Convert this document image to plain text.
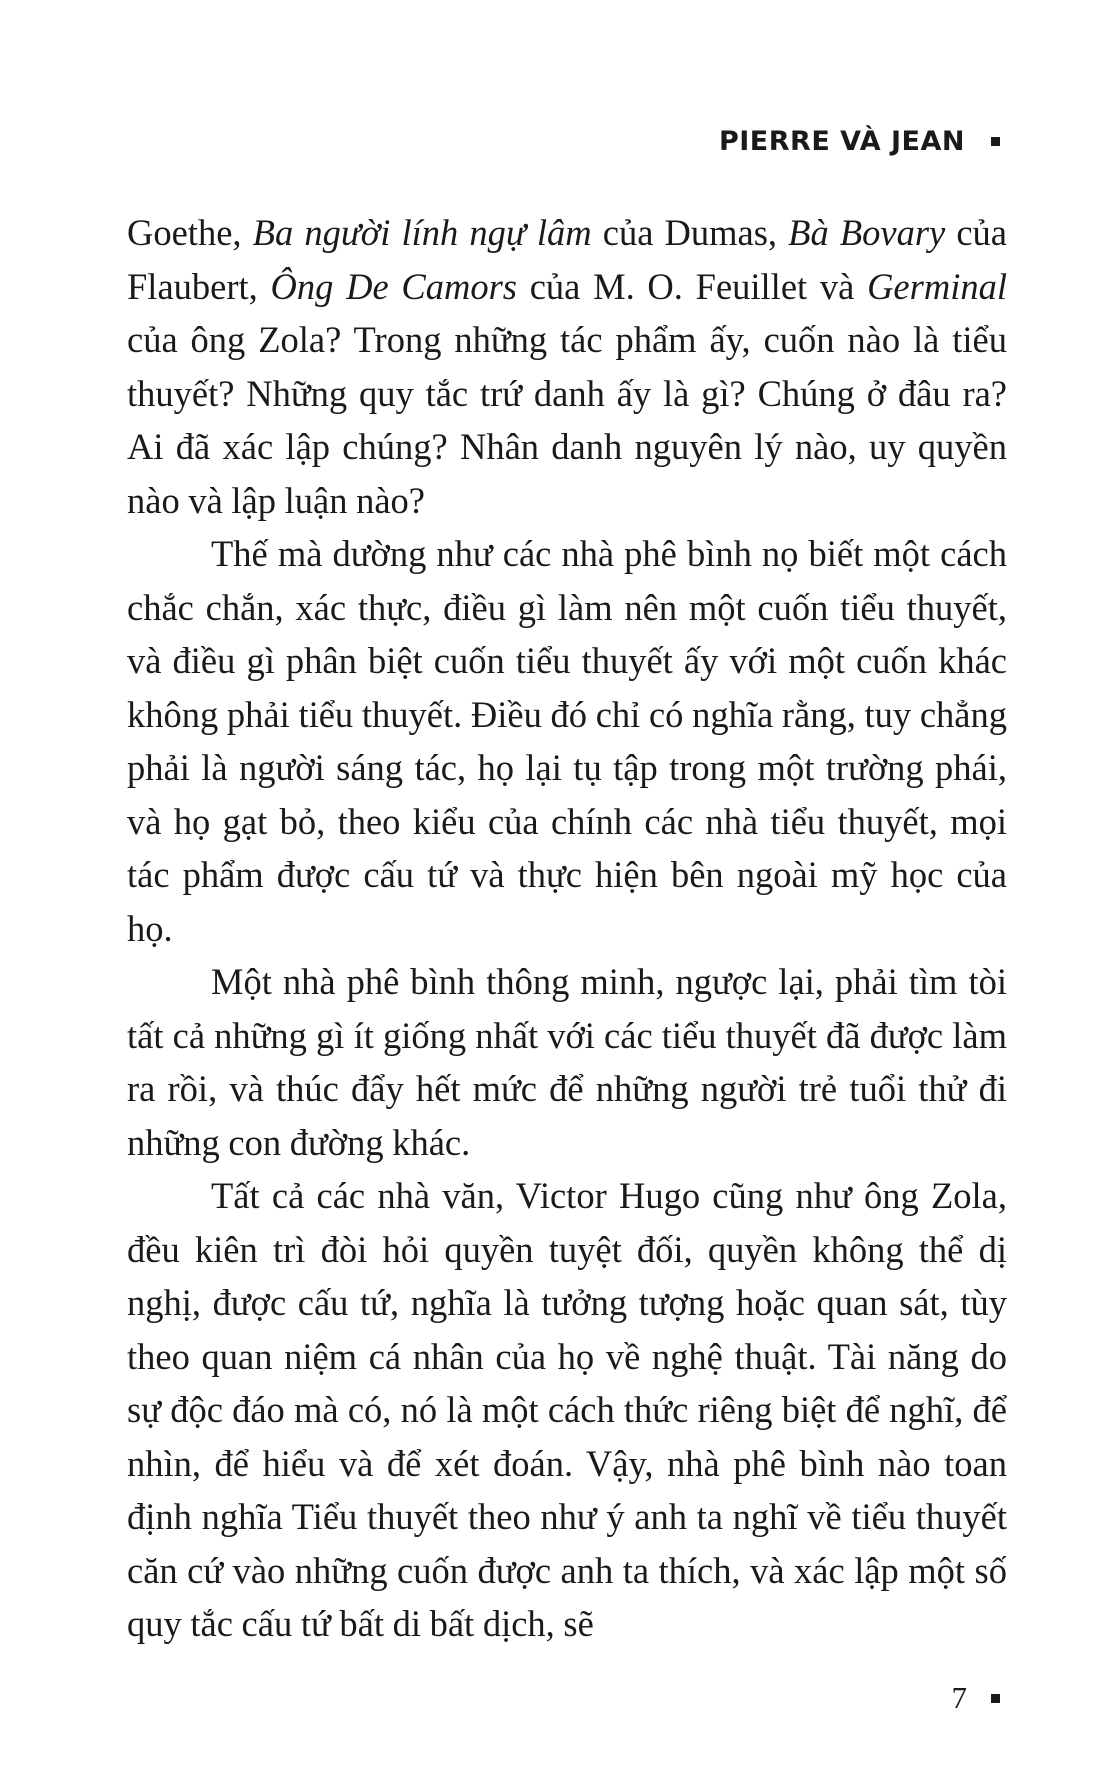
PIERRE VÀ JEAN

Goethe, Ba người lính ngự lâm của Dumas, Bà Bovary của Flaubert, Ông De Camors của M. O. Feuillet và Germinal của ông Zola? Trong những tác phẩm ấy, cuốn nào là tiểu thuyết? Những quy tắc trứ danh ấy là gì? Chúng ở đâu ra? Ai đã xác lập chúng? Nhân danh nguyên lý nào, uy quyền nào và lập luận nào?

Thế mà dường như các nhà phê bình nọ biết một cách chắc chắn, xác thực, điều gì làm nên một cuốn tiểu thuyết, và điều gì phân biệt cuốn tiểu thuyết ấy với một cuốn khác không phải tiểu thuyết. Điều đó chỉ có nghĩa rằng, tuy chẳng phải là người sáng tác, họ lại tụ tập trong một trường phái, và họ gạt bỏ, theo kiểu của chính các nhà tiểu thuyết, mọi tác phẩm được cấu tứ và thực hiện bên ngoài mỹ học của họ.

Một nhà phê bình thông minh, ngược lại, phải tìm tòi tất cả những gì ít giống nhất với các tiểu thuyết đã được làm ra rồi, và thúc đẩy hết mức để những người trẻ tuổi thử đi những con đường khác.

Tất cả các nhà văn, Victor Hugo cũng như ông Zola, đều kiên trì đòi hỏi quyền tuyệt đối, quyền không thể dị nghị, được cấu tứ, nghĩa là tưởng tượng hoặc quan sát, tùy theo quan niệm cá nhân của họ về nghệ thuật. Tài năng do sự độc đáo mà có, nó là một cách thức riêng biệt để nghĩ, để nhìn, để hiểu và để xét đoán. Vậy, nhà phê bình nào toan định nghĩa Tiểu thuyết theo như ý anh ta nghĩ về tiểu thuyết căn cứ vào những cuốn được anh ta thích, và xác lập một số quy tắc cấu tứ bất di bất dịch, sẽ

7
